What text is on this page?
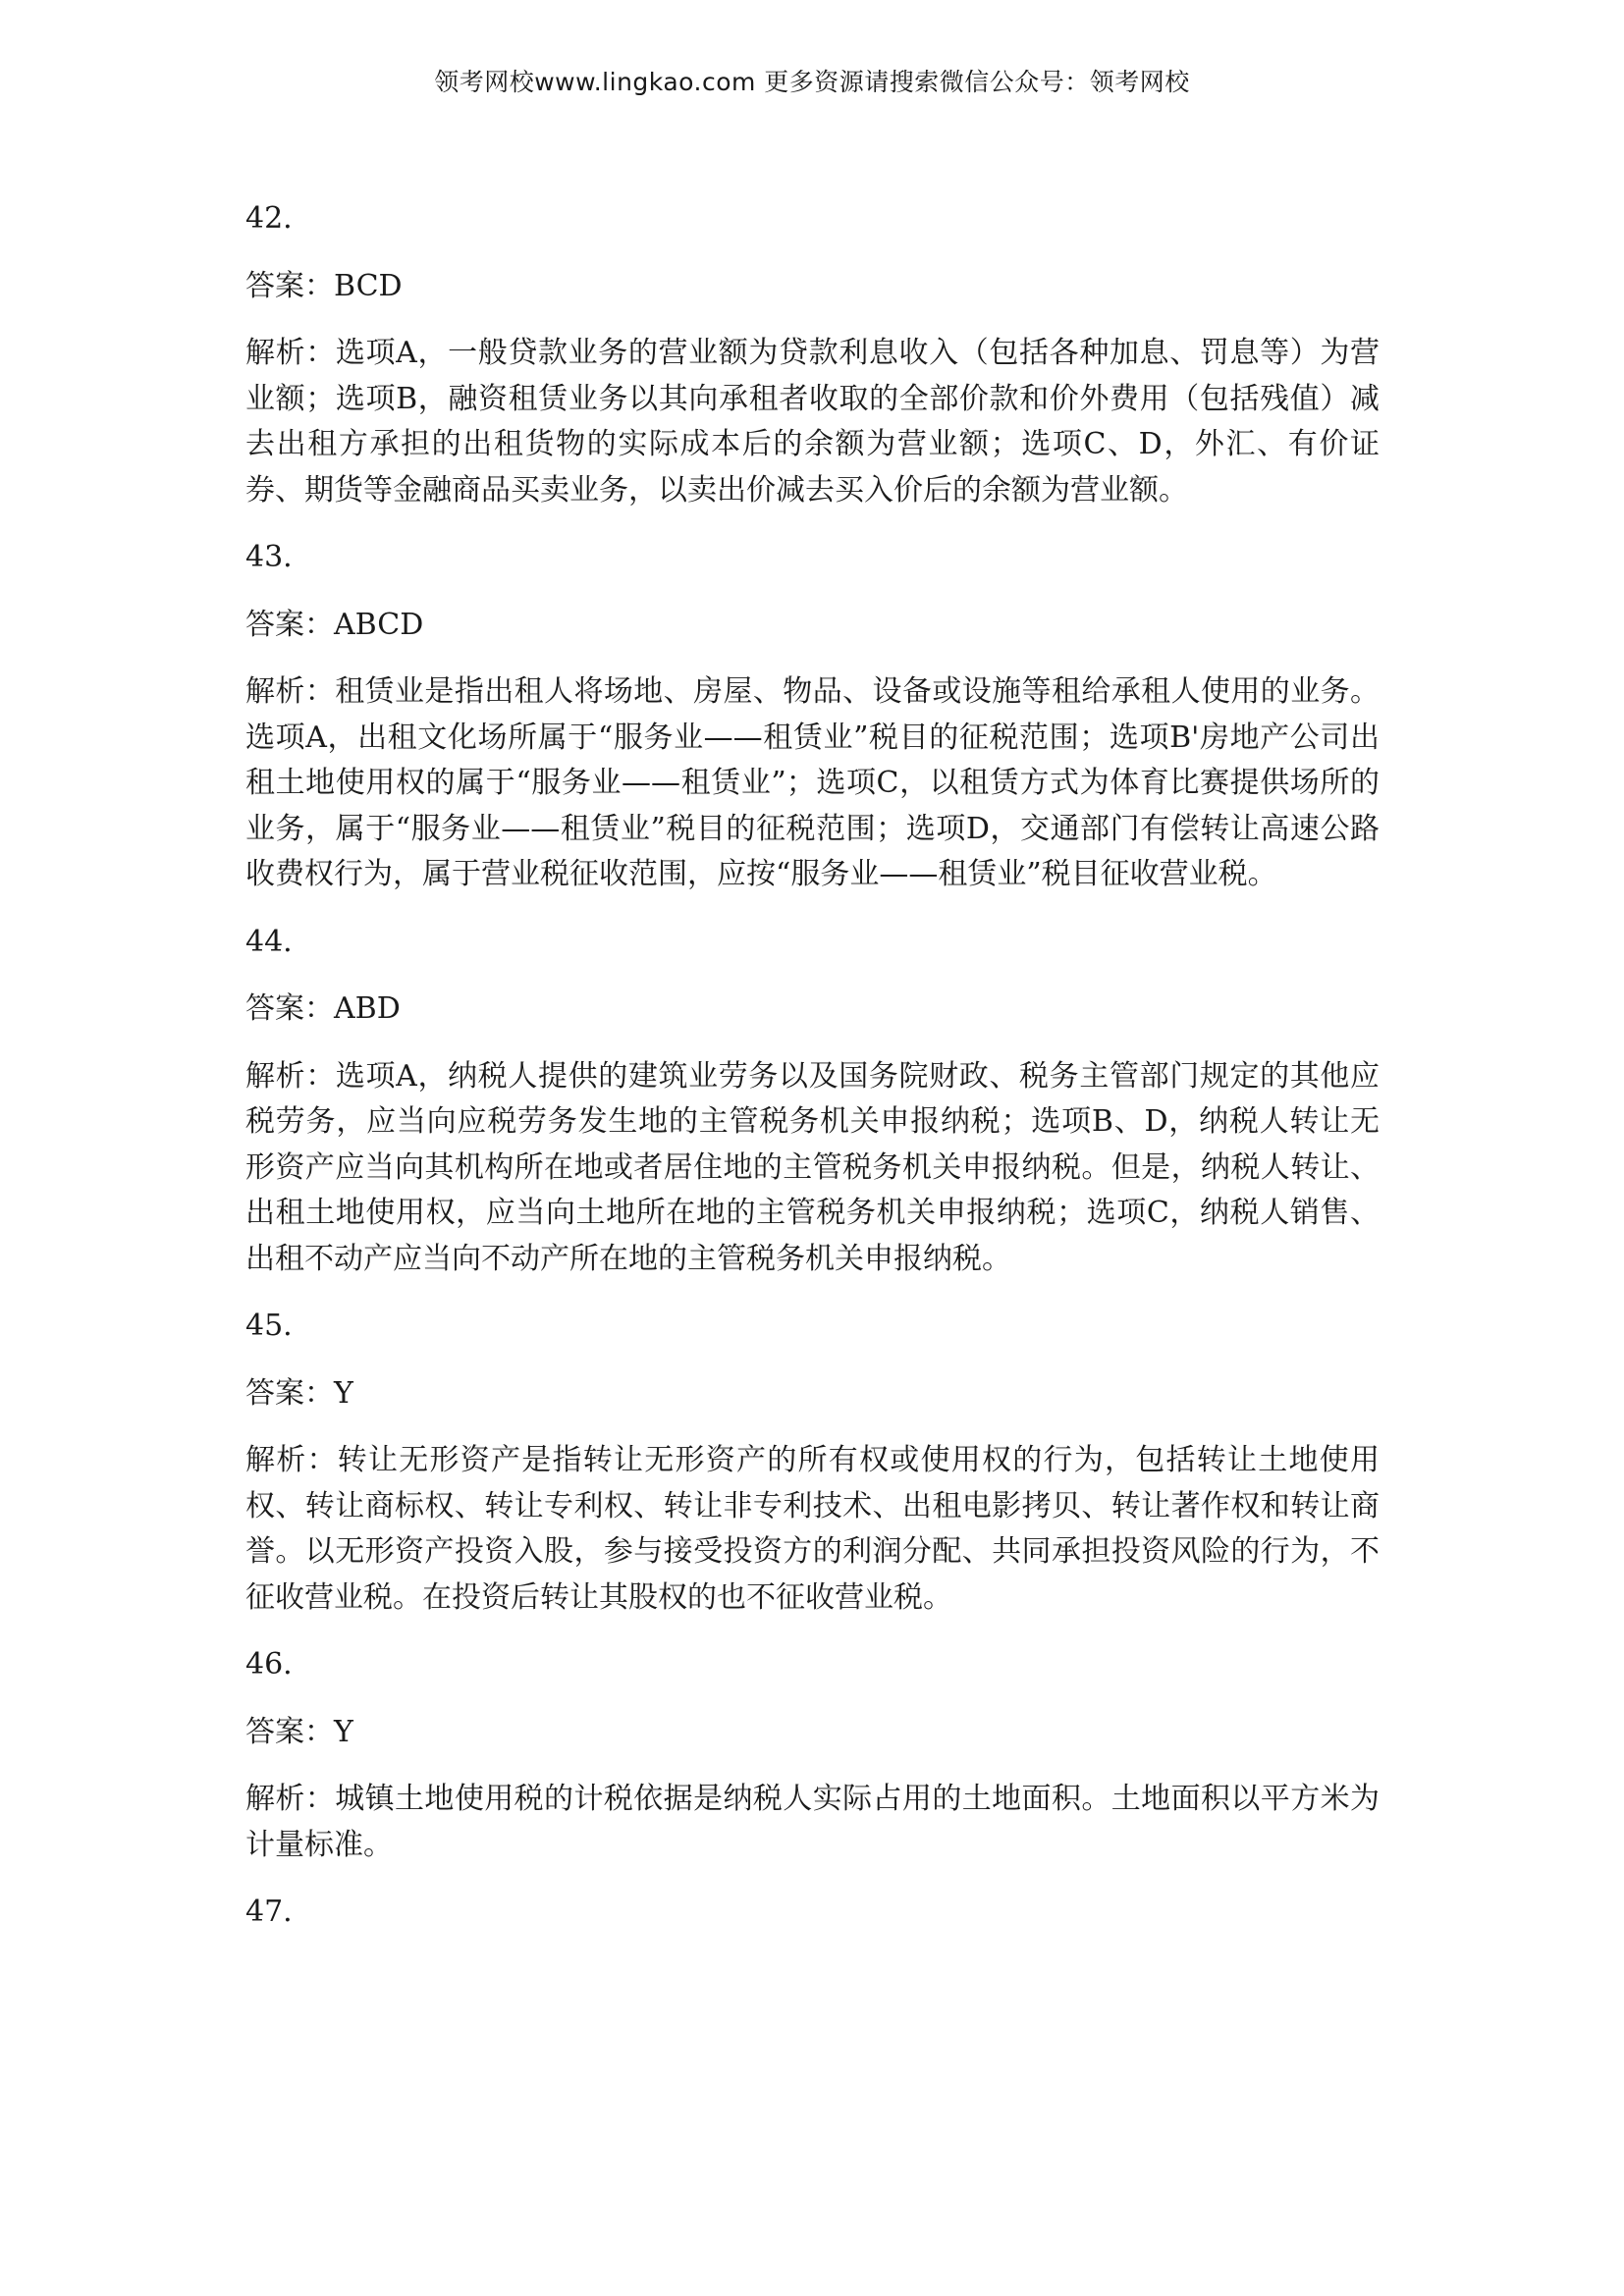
领考网校www.lingkao.com 更多资源请搜索微信公众号：领考网校

42.

答案：BCD

解析：选项A，一般贷款业务的营业额为贷款利息收入（包括各种加息、罚息等）为营业额；选项B，融资租赁业务以其向承租者收取的全部价款和价外费用（包括残值）减去出租方承担的出租货物的实际成本后的余额为营业额；选项C、D，外汇、有价证券、期货等金融商品买卖业务，以卖出价减去买入价后的余额为营业额。

43.

答案：ABCD

解析：租赁业是指出租人将场地、房屋、物品、设备或设施等租给承租人使用的业务。选项A，出租文化场所属于“服务业——租赁业”税目的征税范围；选项B'房地产公司出租土地使用权的属于“服务业——租赁业”；选项C，以租赁方式为体育比赛提供场所的业务，属于“服务业——租赁业”税目的征税范围；选项D，交通部门有偿转让高速公路收费权行为，属于营业税征收范围，应按“服务业——租赁业”税目征收营业税。

44.

答案：ABD

解析：选项A，纳税人提供的建筑业劳务以及国务院财政、税务主管部门规定的其他应税劳务，应当向应税劳务发生地的主管税务机关申报纳税；选项B、D，纳税人转让无形资产应当向其机构所在地或者居住地的主管税务机关申报纳税。但是，纳税人转让、出租土地使用权，应当向土地所在地的主管税务机关申报纳税；选项C，纳税人销售、出租不动产应当向不动产所在地的主管税务机关申报纳税。

45.

答案：Y

解析：转让无形资产是指转让无形资产的所有权或使用权的行为，包括转让土地使用权、转让商标权、转让专利权、转让非专利技术、出租电影拷贝、转让著作权和转让商誉。以无形资产投资入股，参与接受投资方的利润分配、共同承担投资风险的行为，不征收营业税。在投资后转让其股权的也不征收营业税。

46.

答案：Y

解析：城镇土地使用税的计税依据是纳税人实际占用的土地面积。土地面积以平方米为计量标准。

47.
